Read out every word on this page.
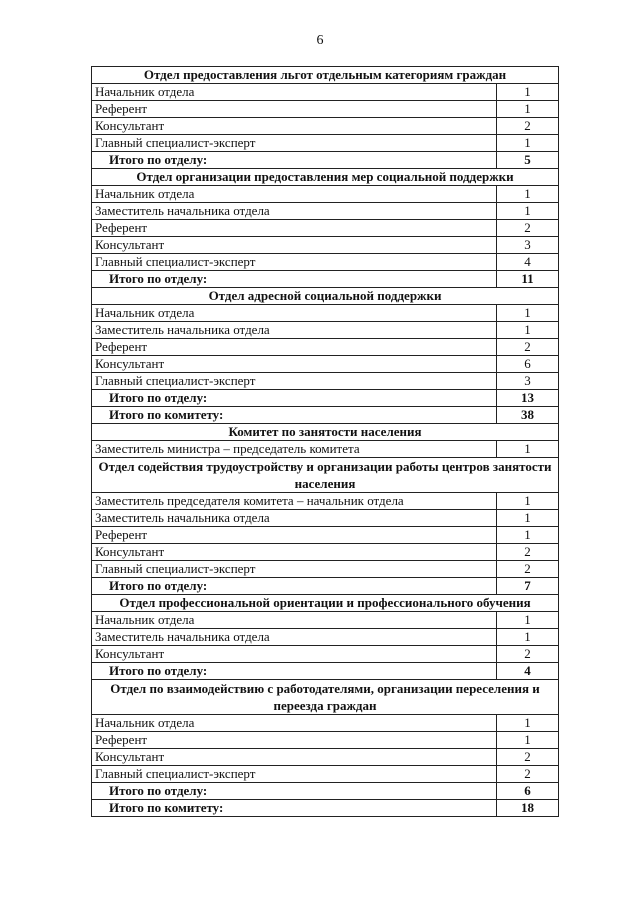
6
Отдел предоставления льгот отдельным категориям граждан	
Начальник отдела	1
Референт	1
Консультант	2
Главный специалист-эксперт	1
Итого по отделу:	5
Отдел организации предоставления мер социальной поддержки	
Начальник отдела	1
Заместитель начальника отдела	1
Референт	2
Консультант	3
Главный специалист-эксперт	4
Итого по отделу:	11
Отдел адресной социальной поддержки	
Начальник отдела	1
Заместитель начальника отдела	1
Референт	2
Консультант	6
Главный специалист-эксперт	3
Итого по отделу:	13
Итого по комитету:	38
Комитет по занятости населения	
Заместитель министра – председатель комитета	1
Отдел содействия трудоустройству и организации работы центров занятости населения	
Заместитель председателя комитета – начальник отдела	1
Заместитель начальника отдела	1
Референт	1
Консультант	2
Главный специалист-эксперт	2
Итого по отделу:	7
Отдел профессиональной ориентации и профессионального обучения	
Начальник отдела	1
Заместитель начальника отдела	1
Консультант	2
Итого по отделу:	4
Отдел по взаимодействию с работодателями, организации переселения и переезда граждан	
Начальник отдела	1
Референт	1
Консультант	2
Главный специалист-эксперт	2
Итого по отделу:	6
Итого по комитету:	18
